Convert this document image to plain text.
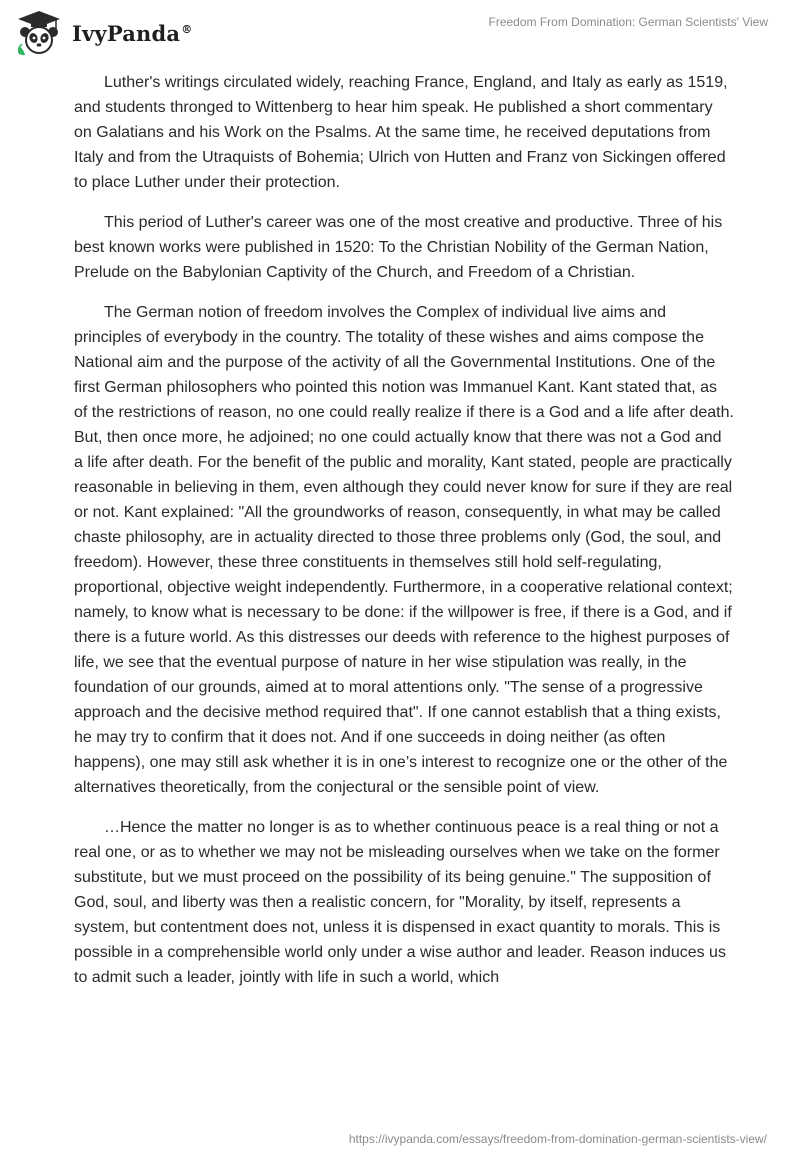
IvyPanda®	Freedom From Domination: German Scientists' View

Luther's writings circulated widely, reaching France, England, and Italy as early as 1519, and students thronged to Wittenberg to hear him speak. He published a short commentary on Galatians and his Work on the Psalms. At the same time, he received deputations from Italy and from the Utraquists of Bohemia; Ulrich von Hutten and Franz von Sickingen offered to place Luther under their protection.

This period of Luther's career was one of the most creative and productive. Three of his best known works were published in 1520: To the Christian Nobility of the German Nation, Prelude on the Babylonian Captivity of the Church, and Freedom of a Christian.

The German notion of freedom involves the Complex of individual live aims and principles of everybody in the country. The totality of these wishes and aims compose the National aim and the purpose of the activity of all the Governmental Institutions. One of the first German philosophers who pointed this notion was Immanuel Kant. Kant stated that, as of the restrictions of reason, no one could really realize if there is a God and a life after death. But, then once more, he adjoined; no one could actually know that there was not a God and a life after death. For the benefit of the public and morality, Kant stated, people are practically reasonable in believing in them, even although they could never know for sure if they are real or not. Kant explained: "All the groundworks of reason, consequently, in what may be called chaste philosophy, are in actuality directed to those three problems only (God, the soul, and freedom). However, these three constituents in themselves still hold self-regulating, proportional, objective weight independently. Furthermore, in a cooperative relational context; namely, to know what is necessary to be done: if the willpower is free, if there is a God, and if there is a future world. As this distresses our deeds with reference to the highest purposes of life, we see that the eventual purpose of nature in her wise stipulation was really, in the foundation of our grounds, aimed at to moral attentions only. "The sense of a progressive approach and the decisive method required that". If one cannot establish that a thing exists, he may try to confirm that it does not. And if one succeeds in doing neither (as often happens), one may still ask whether it is in one’s interest to recognize one or the other of the alternatives theoretically, from the conjectural or the sensible point of view.

…Hence the matter no longer is as to whether continuous peace is a real thing or not a real one, or as to whether we may not be misleading ourselves when we take on the former substitute, but we must proceed on the possibility of its being genuine." The supposition of God, soul, and liberty was then a realistic concern, for "Morality, by itself, represents a system, but contentment does not, unless it is dispensed in exact quantity to morals. This is possible in a comprehensible world only under a wise author and leader. Reason induces us to admit such a leader, jointly with life in such a world, which

https://ivypanda.com/essays/freedom-from-domination-german-scientists-view/
